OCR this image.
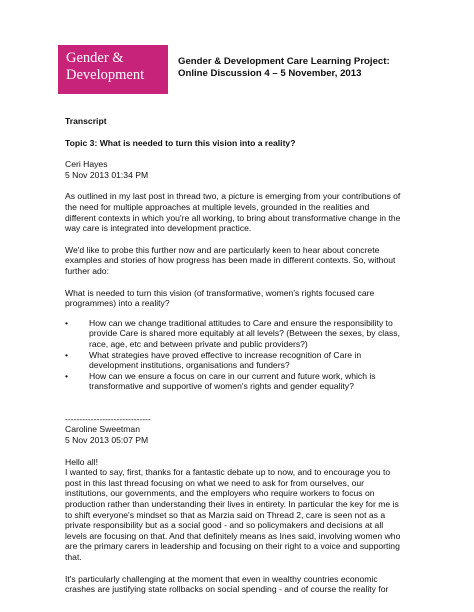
Gender &
Development
Gender & Development Care Learning Project:
Online Discussion 4 – 5 November, 2013

Transcript

Topic 3: What is needed to turn this vision into a reality?

Ceri Hayes

5 Nov 2013 01:34 PM

As outlined in my last post in thread two, a picture is emerging from your contributions of

the need for multiple approaches at multiple levels, grounded in the realities and

different contexts in which you're all working, to bring about transformative change in the

way care is integrated into development practice.

We'd like to probe this further now and are particularly keen to hear about concrete

examples and stories of how progress has been made in different contexts. So, without

further ado:

What is needed to turn this vision (of transformative, women's rights focused care

programmes) into a reality?

• How can we change traditional attitudes to Care and ensure the responsibility to

provide Care is shared more equitably at all levels? (Between the sexes, by class,

race, age, etc and between private and public providers?)

• What strategies have proved effective to increase recognition of Care in

development institutions, organisations and funders?

• How can we ensure a focus on care in our current and future work, which is

transformative and supportive of women's rights and gender equality?

------------------------------

Caroline Sweetman

5 Nov 2013 05:07 PM

Hello all!

I wanted to say, first, thanks for a fantastic debate up to now, and to encourage you to

post in this last thread focusing on what we need to ask for from ourselves, our

institutions, our governments, and the employers who require workers to focus on

production rather than understanding their lives in entirety. In particular the key for me is

to shift everyone's mindset so that as Marzia said on Thread 2, care is seen not as a

private responsibility but as a social good - and so policymakers and decisions at all

levels are focusing on that. And that definitely means as Ines said, involving women who

are the primary carers in leadership and focusing on their right to a voice and supporting

that.

It's particularly challenging at the moment that even in wealthy countries economic

crashes are justifying state rollbacks on social spending - and of course the reality for
